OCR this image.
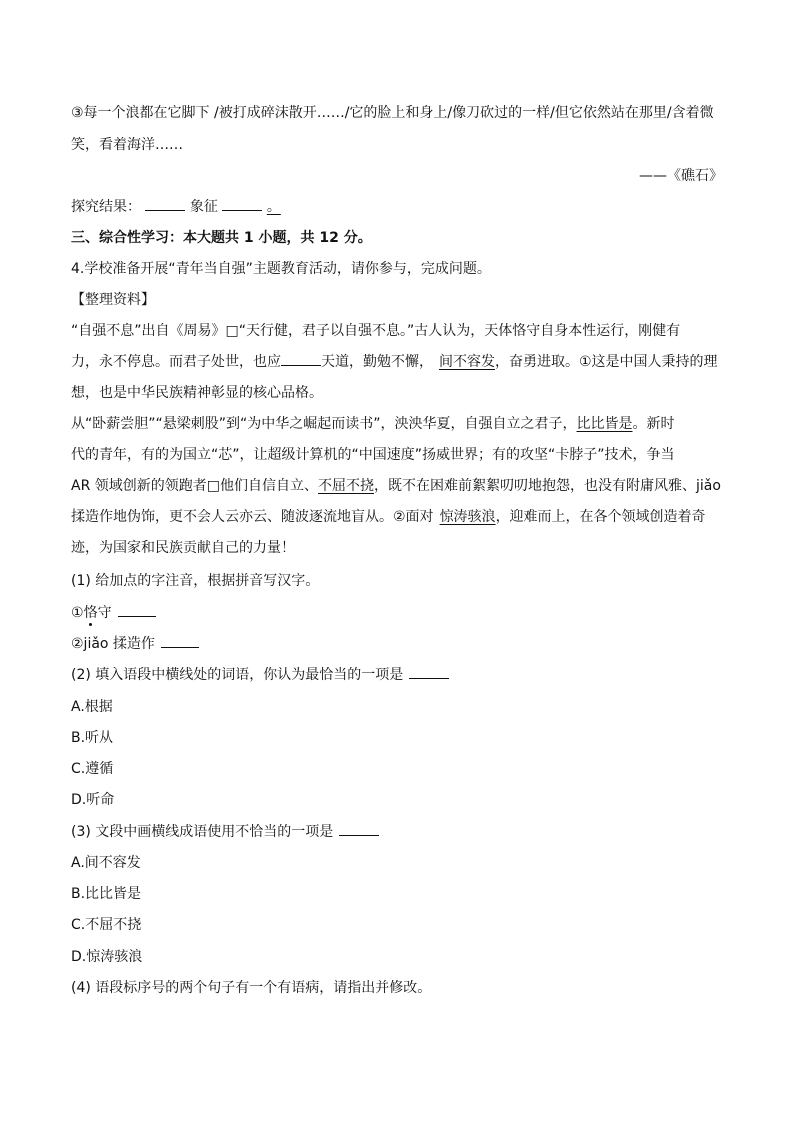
③每一个浪都在它脚下 /被打成碎沫散开……/它的脸上和身上/像刀砍过的一样/但它依然站在那里/含着微
笑，看着海洋……
——《礁石》
探究结果：	象征	。
三、综合性学习：本大题共 1 小题，共 12 分。
4.学校准备开展“青年当自强”主题教育活动，请你参与，完成问题。
【整理资料】
“自强不息”出自《周易》□“天行健，君子以自强不息。”古人认为，天体恪守自身本性运行，刚健有
力，永不停息。而君子处世，也应	天道，勤勉不懈， 间不容发，奋勇进取。①这是中国人秉持的理
想，也是中华民族精神彰显的核心品格。
从“卧薪尝胆”“悬梁刺股”到“为中华之崛起而读书”，泱泱华夏，自强自立之君子，比比皆是。新时
代的青年，有的为国立“芯”，让超级计算机的“中国速度”扬威世界；有的攻坚“卡脖子”技术，争当
AR 领域创新的领跑者□他们自信自立、不屈不挠，既不在困难前絮絮叨叨地抱怨，也没有附庸风雅、jiǎo
揉造作地伪饰，更不会人云亦云、随波逐流地盲从。②面对 惊涛骇浪，迎难而上，在各个领域创造着奇
迹，为国家和民族贡献自己的力量！
(1) 给加点的字注音，根据拼音写汉字。
①恪守
②jiǎo 揉造作
(2) 填入语段中横线处的词语，你认为最恰当的一项是
A.根据
B.听从
C.遵循
D.听命
(3) 文段中画横线成语使用不恰当的一项是
A.间不容发
B.比比皆是
C.不屈不挠
D.惊涛骇浪
(4) 语段标序号的两个句子有一个有语病，请指出并修改。
